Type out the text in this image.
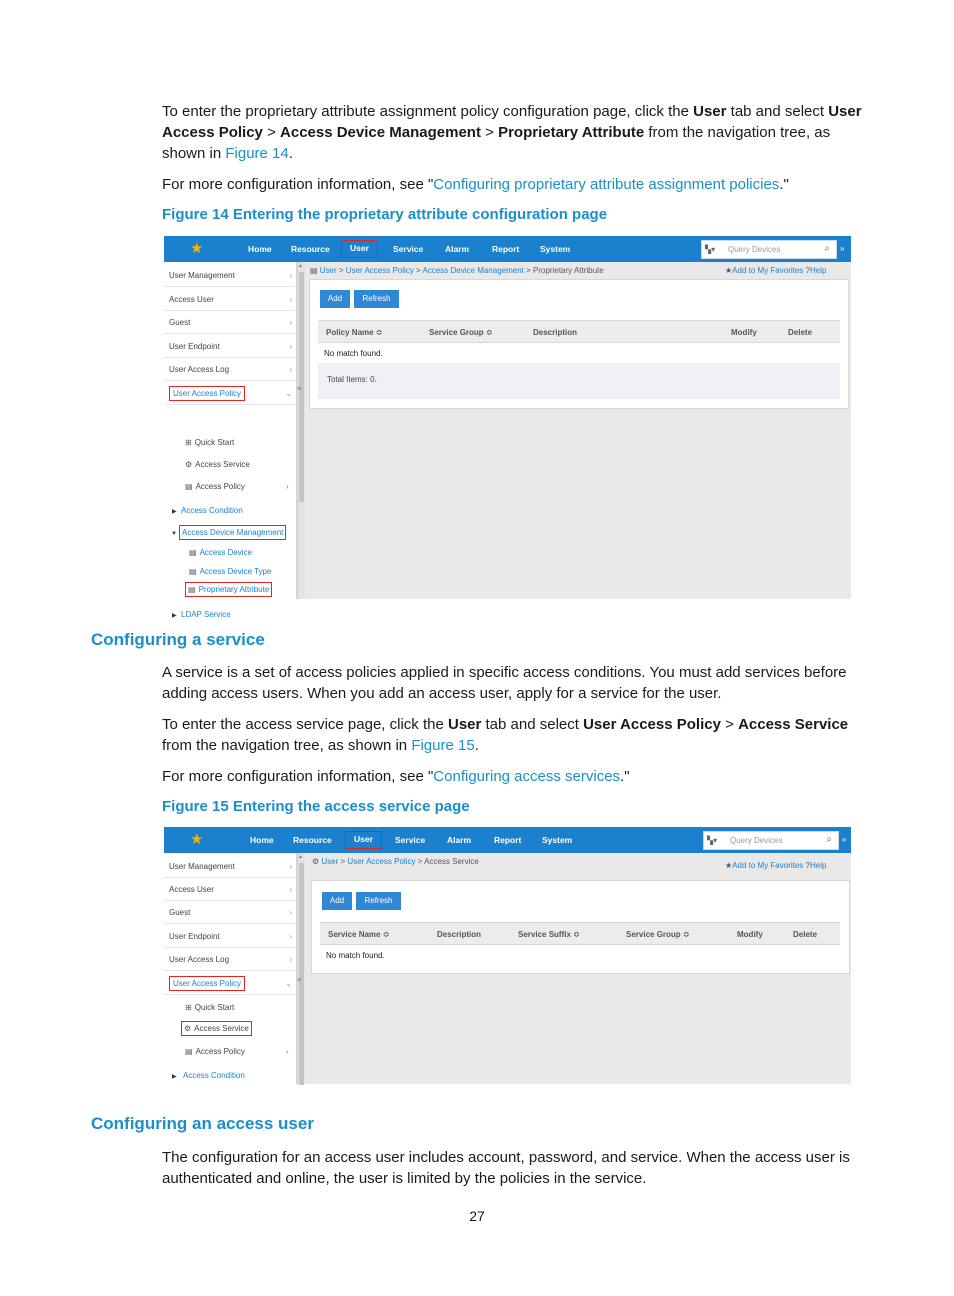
To enter the proprietary attribute assignment policy configuration page, click the User tab and select User Access Policy > Access Device Management > Proprietary Attribute from the navigation tree, as shown in Figure 14.

For more configuration information, see "Configuring proprietary attribute assignment policies."

Figure 14 Entering the proprietary attribute configuration page
★	Home Resource	User	Service	Alarm	Report System	▚▾ Query Devices	⌕ »
User Management	›
Access User	›
Guest	›
User Endpoint	›
User Access Log	›
User Access Policy	⌄
⊞ Quick Start
⚙ Access Service
▤ Access Policy	›
▶ Access Condition
▼ Access Device Management
▤ Access Device
▤ Access Device Type
▤ Proprietary Attribute
▶ LDAP Service
▲
≡
▤ User > User Access Policy > Access Device Management > Proprietary Attribute	★Add to My Favorites ?Help
Add	Refresh
Policy Name ≎	Service Group ≎	Description	Modify	Delete
No match found.
Total Items: 0.
Configuring a service

A service is a set of access policies applied in specific access conditions. You must add services before adding access users. When you add an access user, apply for a service for the user.

To enter the access service page, click the User tab and select User Access Policy > Access Service from the navigation tree, as shown in Figure 15.

For more configuration information, see "Configuring access services."

Figure 15 Entering the access service page
★	Home Resource	User	Service	Alarm	Report System	▚▾ Query Devices	⌕ »
User Management	›
Access User	›
Guest	›
User Endpoint	›
User Access Log	›
User Access Policy	⌄
⊞ Quick Start
⚙ Access Service
▤ Access Policy	›
▶ Access Condition
▲
≡
⚙ User > User Access Policy > Access Service	★Add to My Favorites ?Help
Add	Refresh
Service Name ≎	Description	Service Suffix ≎	Service Group ≎	Modify	Delete
No match found.
Configuring an access user

The configuration for an access user includes account, password, and service. When the access user is authenticated and online, the user is limited by the policies in the service.

27
